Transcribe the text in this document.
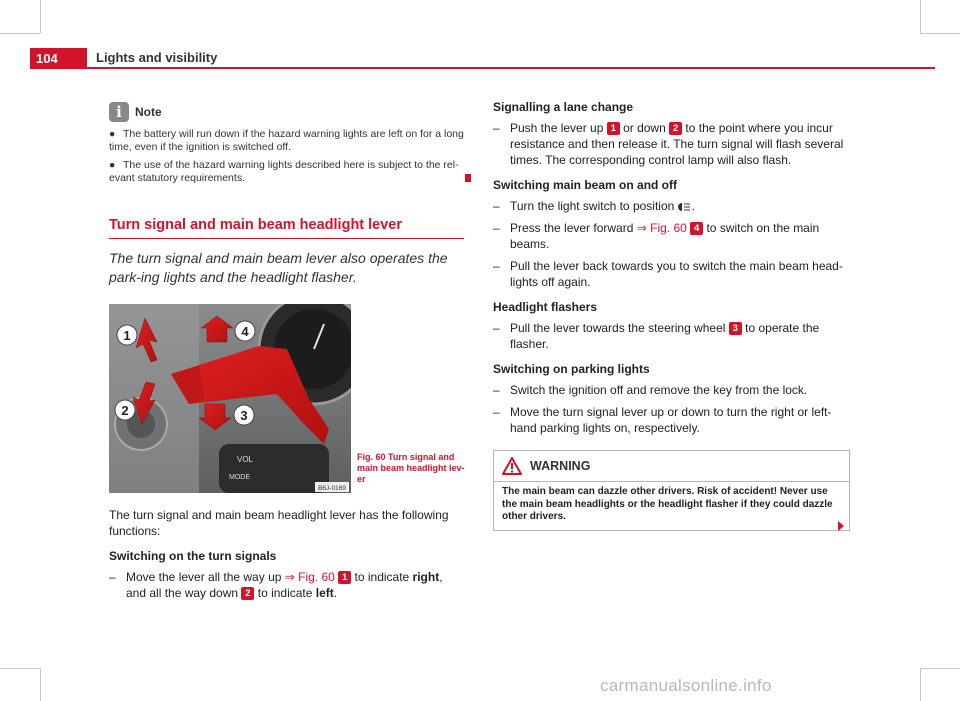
104	Lights and visibility
i	Note
● The battery will run down if the hazard warning lights are left on for a long time, even if the ignition is switched off.
● The use of the hazard warning lights described here is subject to the rel-evant statutory requirements.
Turn signal and main beam headlight lever
The turn signal and main beam lever also operates the park-ing lights and the headlight flasher.
VOL
MODE
1
2	3
4
B6J-0169
Fig. 60 Turn signal and main beam headlight lev-er

The turn signal and main beam headlight lever has the following functions:

Switching on the turn signals
– Move the lever all the way up ⇒ Fig. 60 1 to indicate right, and all the way down 2 to indicate left.
Signalling a lane change
– Push the lever up 1 or down 2 to the point where you incur resistance and then release it. The turn signal will flash several times. The corresponding control lamp will also flash.
Switching main beam on and off
– Turn the light switch to position .
– Press the lever forward ⇒ Fig. 60 4 to switch on the main beams.
– Pull the lever back towards you to switch the main beam head-lights off again.
Headlight flashers
– Pull the lever towards the steering wheel 3 to operate the flasher.
Switching on parking lights
– Switch the ignition off and remove the key from the lock.
– Move the turn signal lever up or down to turn the right or left-hand parking lights on, respectively.
WARNING
The main beam can dazzle other drivers. Risk of accident! Never use the main beam headlights or the headlight flasher if they could dazzle other drivers.
carmanualsonline.info
